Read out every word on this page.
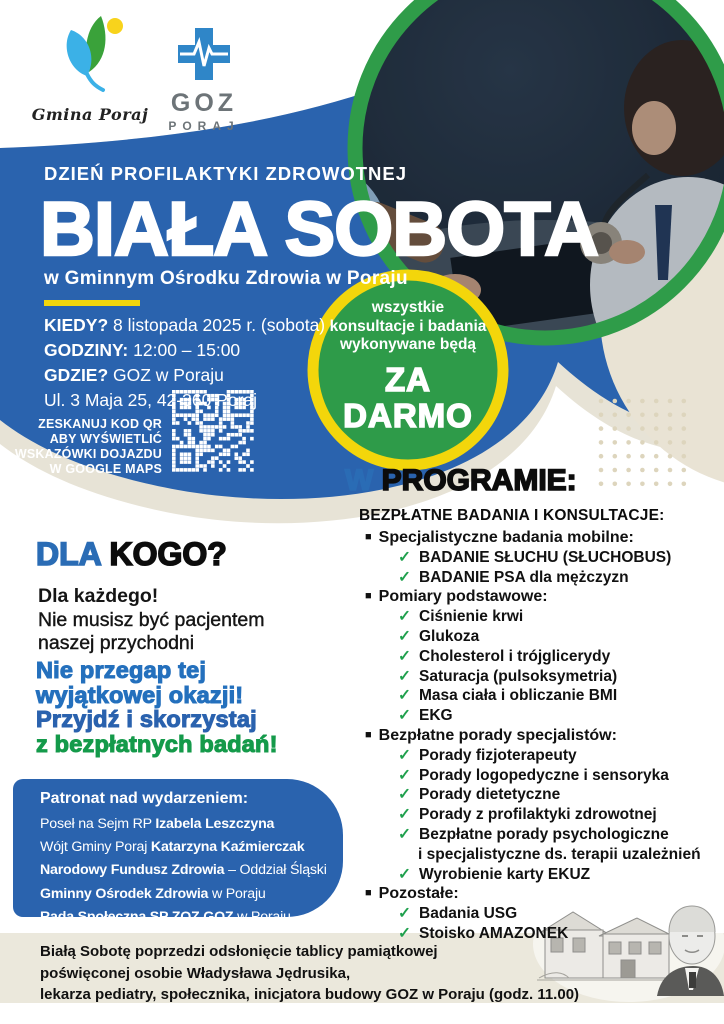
Gmina Poraj GOZ
PORAJ
DZIEŃ PROFILAKTYKI ZDROWOTNEJ
BIAŁA SOBOTA
w Gminnym Ośrodku Zdrowia w Poraju
KIEDY? 8 listopada 2025 r. (sobota)
GODZINY: 12:00 – 15:00
GDZIE? GOZ w Poraju
Ul. 3 Maja 25, 42-360 Poraj
ZESKANUJ KOD QR
ABY WYŚWIETLIĆ
WSKAZÓWKI DOJAZDU
W GOOGLE MAPS
wszystkie
konsultacje i badania
wykonywane będą
ZA
DARMO
W PROGRAMIE:
BEZPŁATNE BADANIA I KONSULTACJE:
■ Specjalistyczne badania mobilne:
✓ BADANIE SŁUCHU (SŁUCHOBUS)
✓ BADANIE PSA dla mężczyzn
■ Pomiary podstawowe:
✓ Ciśnienie krwi
✓ Glukoza
✓ Cholesterol i trójglicerydy
✓ Saturacja (pulsoksymetria)
✓ Masa ciała i obliczanie BMI
✓ EKG
■ Bezpłatne porady specjalistów:
✓ Porady fizjoterapeuty
✓ Porady logopedyczne i sensoryka
✓ Porady dietetyczne
✓ Porady z profilaktyki zdrowotnej
✓ Bezpłatne porady psychologiczne
i specjalistyczne ds. terapii uzależnień
✓ Wyrobienie karty EKUZ
■ Pozostałe:
✓ Badania USG
✓ Stoisko AMAZONEK
DLA KOGO?
Dla każdego!
Nie musisz być pacjentem
naszej przychodni
Nie przegap tej
wyjątkowej okazji!
Przyjdź i skorzystaj
z bezpłatnych badań!
Patronat nad wydarzeniem:
Poseł na Sejm RP Izabela Leszczyna
Wójt Gminy Poraj Katarzyna Kaźmierczak
Narodowy Fundusz Zdrowia – Oddział Śląski
Gminny Ośrodek Zdrowia w Poraju
Rada Społeczna SP ZOZ GOZ w Poraju
Białą Sobotę poprzedzi odsłonięcie tablicy pamiątkowej
poświęconej osobie Władysława Jędrusika,
lekarza pediatry, społecznika, inicjatora budowy GOZ w Poraju (godz. 11.00)
